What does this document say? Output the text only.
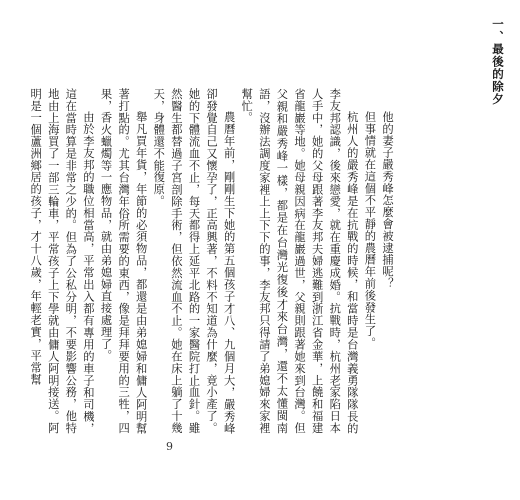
一、最後的除夕

他的妻子嚴秀峰怎麼會被逮捕呢？

但事情就在這個不平靜的農曆年前後發生了。

杭州人的嚴秀峰是在抗戰的時候，和當時是台灣義勇隊隊長的李友邦認識，後來戀愛，就在重慶成婚。抗戰時，杭州老家陷日本人手中，她的父母跟著李友邦夫婦逃難到浙江省金華，上饒和福建省龍巖等地。她母親因病在龍巖過世，父親則跟著她來到台灣。但父親和嚴秀峰一樣，都是在台灣光復後才來台灣，還不太懂閩南語，沒辦法調度家裡上上下下的事，李友邦只得請了弟媳婦來家裡幫忙。

農曆年前，剛剛生下她的第五個孩子才八、九個月大，嚴秀峰卻發覺自己又懷孕了，正高興著，不料不知道為什麼，竟小產了。她的下體流血不止，每天都得上延平北路的一家醫院打止血針。雖然醫生都替過子宮剖除手術，但依然流血不止。她在床上躺了十幾天，身體還不能復原。

舉凡買年貨，年節的必須物品，都還是由弟媳婦和傭人阿明幫著打點的。尤其台灣年俗所需要的東西，像是拜拜要用的三牲，四果，香火蠟燭等一應物品，就由弟媳婦直接處理了。

由於李友邦的職位相當高，平常出入都有專用的車子和司機，這在當時算是非常之少的。但為了公私分明，不要影響公務，他特地由上海買了一部三輪車，平常孩子上下學就由傭人阿明接送。阿明是一個蘆洲鄉居的孩子，才十八歲，年輕老實，平常幫

9
